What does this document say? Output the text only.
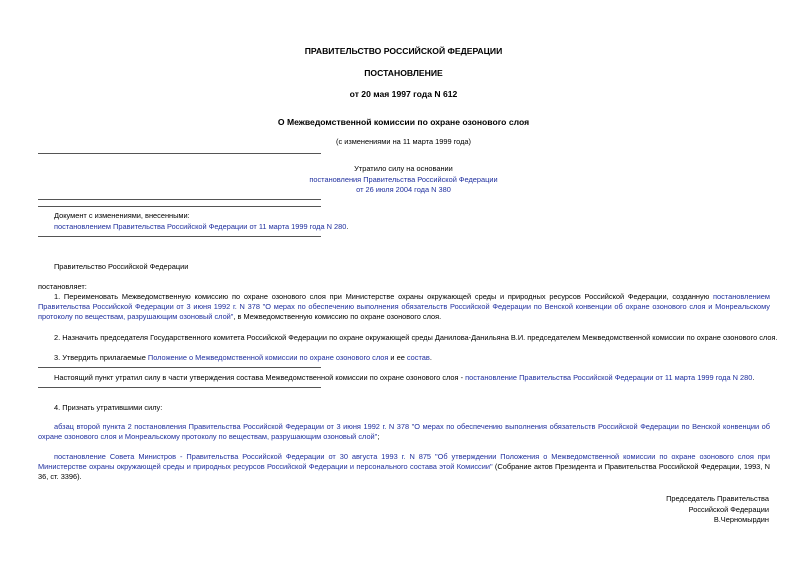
ПРАВИТЕЛЬСТВО РОССИЙСКОЙ ФЕДЕРАЦИИ
ПОСТАНОВЛЕНИЕ
от 20 мая 1997 года N 612
О Межведомственной комиссии по охране озонового слоя
(с изменениями на 11 марта 1999 года)
Утратило силу на основании
постановления Правительства Российской Федерации
от 26 июля 2004 года N 380
Документ с изменениями, внесенными:
постановлением Правительства Российской Федерации от 11 марта 1999 года N 280.
Правительство Российской Федерации
постановляет:
1. Переименовать Межведомственную комиссию по охране озонового слоя при Министерстве охраны окружающей среды и природных ресурсов Российской Федерации, созданную постановлением Правительства Российской Федерации от 3 июня 1992 г. N 378 "О мерах по обеспечению выполнения обязательств Российской Федерации по Венской конвенции об охране озонового слоя и Монреальскому протоколу по веществам, разрушающим озоновый слой", в Межведомственную комиссию по охране озонового слоя.
2. Назначить председателя Государственного комитета Российской Федерации по охране окружающей среды Данилова-Данильяна В.И. председателем Межведомственной комиссии по охране озонового слоя.
3. Утвердить прилагаемые Положение о Межведомственной комиссии по охране озонового слоя и ее состав.
Настоящий пункт утратил силу в части утверждения состава Межведомственной комиссии по охране озонового слоя - постановление Правительства Российской Федерации от 11 марта 1999 года N 280.
4. Признать утратившими силу:
абзац второй пункта 2 постановления Правительства Российской Федерации от 3 июня 1992 г. N 378 "О мерах по обеспечению выполнения обязательств Российской Федерации по Венской конвенции об охране озонового слоя и Монреальскому протоколу по веществам, разрушающим озоновый слой";
постановление Совета Министров - Правительства Российской Федерации от 30 августа 1993 г. N 875 "Об утверждении Положения о Межведомственной комиссии по охране озонового слоя при Министерстве охраны окружающей среды и природных ресурсов Российской Федерации и персонального состава этой Комиссии" (Собрание актов Президента и Правительства Российской Федерации, 1993, N 36, ст. 3396).
Председатель Правительства
Российской Федерации
В.Черномырдин
